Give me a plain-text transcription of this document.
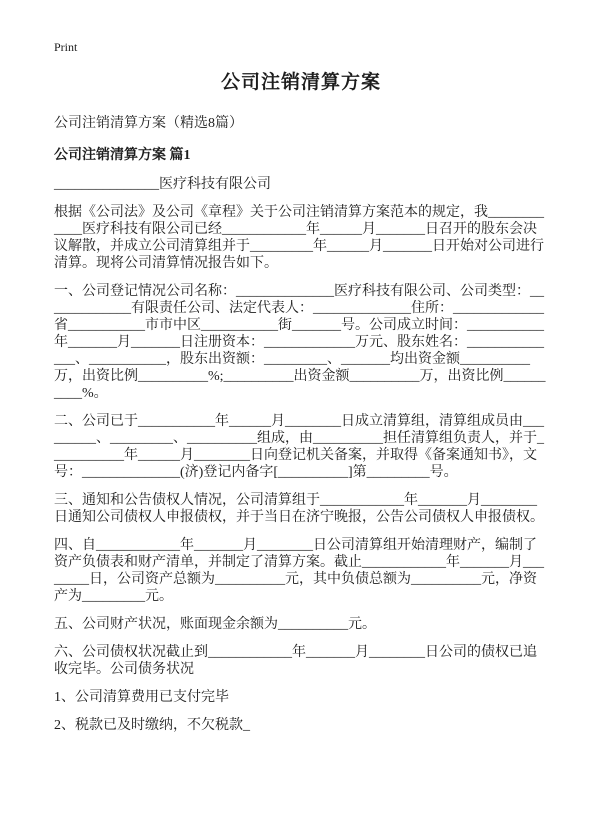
Print
公司注销清算方案

公司注销清算方案（精选8篇）

公司注销清算方案 篇1

_______________医疗科技有限公司

根据《公司法》及公司《章程》关于公司注销清算方案范本的规定，我____________医疗科技有限公司已经____________年______月_______日召开的股东会决议解散，并成立公司清算组并于_________年______月_______日开始对公司进行清算。现将公司清算情况报告如下。

一、公司登记情况公司名称：______________医疗科技有限公司、公司类型：_____________有限责任公司、法定代表人：______________住所：_____________省___________市市中区___________街_______号。公司成立时间：___________年_______月_______日注册资本：_____________万元、股东姓名：______________、___________，股东出资额：_________、_______均出资金额__________万，出资比例__________%;__________出资金额__________万，出资比例__________%。

二、公司已于___________年______月________日成立清算组，清算组成员由_________、_________、__________组成，由__________担任清算组负责人，并于___________年______月________日向登记机关备案，并取得《备案通知书》，文号：______________(济)登记内备字[__________]第_________号。

三、通知和公告债权人情况，公司清算组于____________年_______月________日通知公司债权人申报债权，并于当日在济宁晚报，公告公司债权人申报债权。

四、自____________年_______月________日公司清算组开始清理财产，编制了资产负债表和财产清单，并制定了清算方案。截止____________年_______月________日，公司资产总额为__________元，其中负债总额为__________元，净资产为_________元。

五、公司财产状况，账面现金余额为__________元。

六、公司债权状况截止到____________年_______月________日公司的债权已追收完毕。公司债务状况

1、公司清算费用已支付完毕

2、税款已及时缴纳，不欠税款_
